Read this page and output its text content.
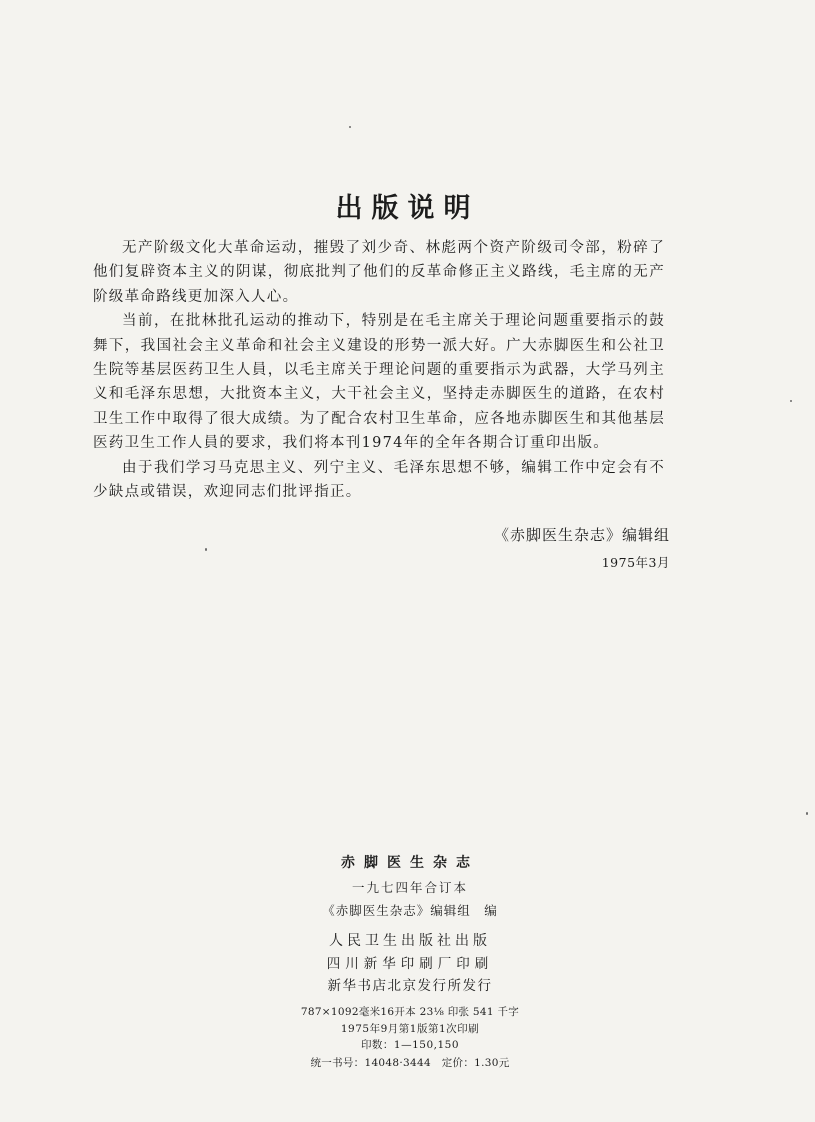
出版说明

无产阶级文化大革命运动，摧毁了刘少奇、林彪两个资产阶级司令部，粉碎了他们复辟资本主义的阴谋，彻底批判了他们的反革命修正主义路线，毛主席的无产阶级革命路线更加深入人心。

当前，在批林批孔运动的推动下，特别是在毛主席关于理论问题重要指示的鼓舞下，我国社会主义革命和社会主义建设的形势一派大好。广大赤脚医生和公社卫生院等基层医药卫生人員，以毛主席关于理论问题的重要指示为武器，大学马列主义和毛泽东思想，大批资本主义，大干社会主义，坚持走赤脚医生的道路，在农村卫生工作中取得了很大成绩。为了配合农村卫生革命，应各地赤脚医生和其他基层医药卫生工作人員的要求，我们将本刊1974年的全年各期合订重印出版。

由于我们学习马克思主义、列宁主义、毛泽东思想不够，编辑工作中定会有不少缺点或错误，欢迎同志们批评指正。

《赤脚医生杂志》编辑组
1975年3月
赤脚医生杂志
一九七四年合订本
《赤脚医生杂志》编辑组　编
人民卫生出版社出版
四川新华印刷厂印刷
新华书店北京发行所发行
787×1092毫米16开本 23⅛ 印张 541 千字
1975年9月第1版第1次印刷
印数：1—150,150
统一书号：14048·3444　定价：1.30元
